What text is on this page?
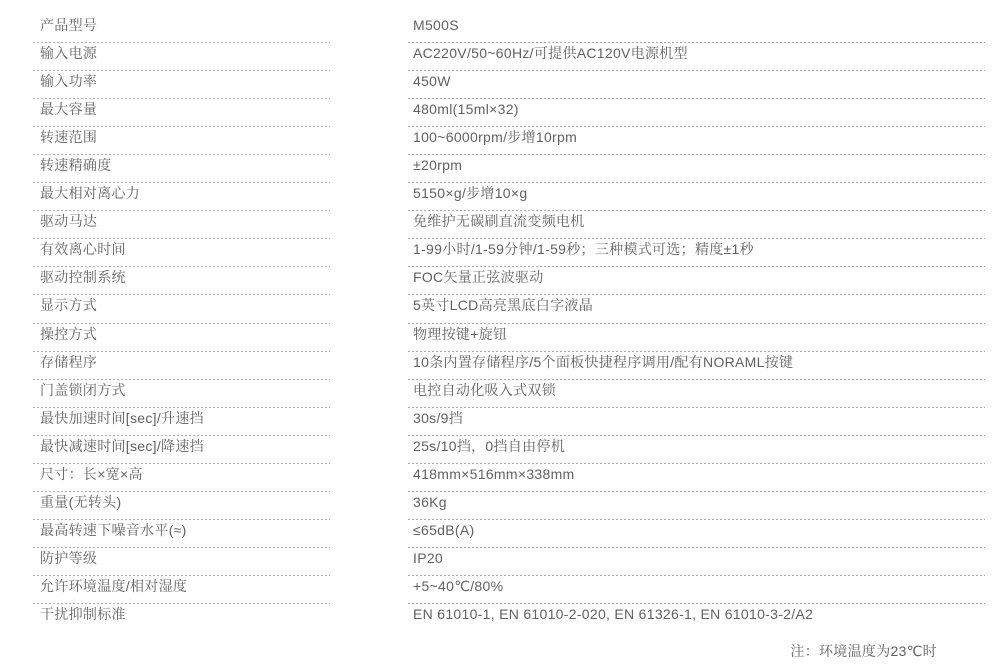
产品型号	M500S
输入电源	AC220V/50~60Hz/可提供AC120V电源机型
输入功率	450W
最大容量	480ml(15ml×32)
转速范围	100~6000rpm/步增10rpm
转速精确度	±20rpm
最大相对离心力	5150×g/步增10×g
驱动马达	免维护无碳刷直流变频电机
有效离心时间	1-99小时/1-59分钟/1-59秒；三种模式可选；精度±1秒
驱动控制系统	FOC矢量正弦波驱动
显示方式	5英寸LCD高亮黑底白字液晶
操控方式	物理按键+旋钮
存储程序	10条内置存储程序/5个面板快捷程序调用/配有NORAML按键
门盖锁闭方式	电控自动化吸入式双锁
最快加速时间[sec]/升速挡	30s/9挡
最快减速时间[sec]/降速挡	25s/10挡，0挡自由停机
尺寸：长×宽×高	418mm×516mm×338mm
重量(无转头)	36Kg
最高转速下噪音水平(≈)	≤65dB(A)
防护等级	IP20
允许环境温度/相对湿度	+5~40℃/80%
干扰抑制标准	EN 61010-1, EN 61010-2-020, EN 61326-1, EN 61010-3-2/A2
注：环境温度为23℃时
